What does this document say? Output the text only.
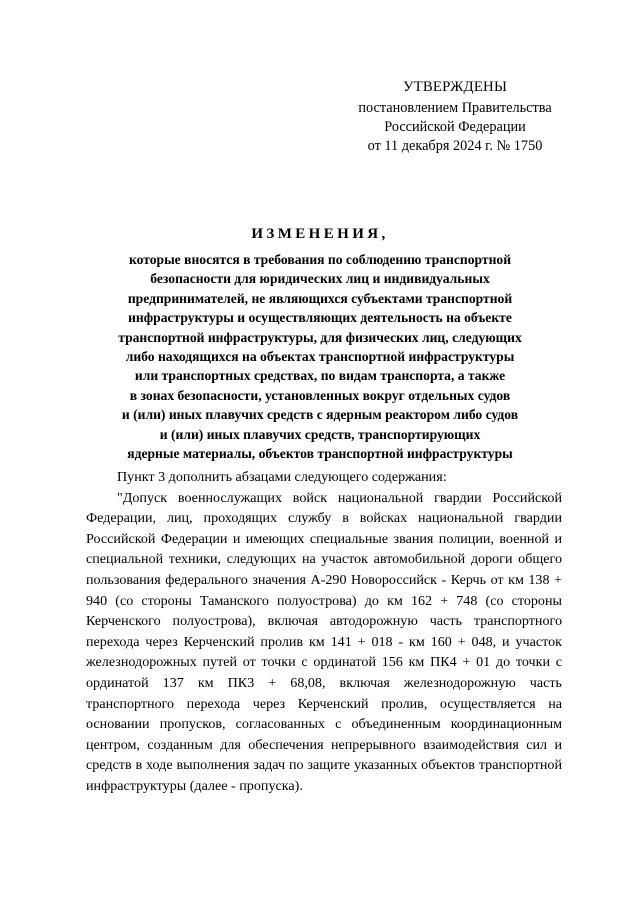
УТВЕРЖДЕНЫ
постановлением Правительства
Российской Федерации
от 11 декабря 2024 г. № 1750
ИЗМЕНЕНИЯ,
которые вносятся в требования по соблюдению транспортной
безопасности для юридических лиц и индивидуальных
предпринимателей, не являющихся субъектами транспортной
инфраструктуры и осуществляющих деятельность на объекте
транспортной инфраструктуры, для физических лиц, следующих
либо находящихся на объектах транспортной инфраструктуры
или транспортных средствах, по видам транспорта, а также
в зонах безопасности, установленных вокруг отдельных судов
и (или) иных плавучих средств с ядерным реактором либо судов
и (или) иных плавучих средств, транспортирующих
ядерные материалы, объектов транспортной инфраструктуры

Пункт 3 дополнить абзацами следующего содержания:

"Допуск военнослужащих войск национальной гвардии Российской Федерации, лиц, проходящих службу в войсках национальной гвардии Российской Федерации и имеющих специальные звания полиции, военной и специальной техники, следующих на участок автомобильной дороги общего пользования федерального значения А-290 Новороссийск - Керчь от км 138 + 940 (со стороны Таманского полуострова) до км 162 + 748 (со стороны Керченского полуострова), включая автодорожную часть транспортного перехода через Керченский пролив км 141 + 018 - км 160 + 048, и участок железнодорожных путей от точки с ординатой 156 км ПК4 + 01 до точки с ординатой 137 км ПК3 + 68,08, включая железнодорожную часть транспортного перехода через Керченский пролив, осуществляется на основании пропусков, согласованных с объединенным координационным центром, созданным для обеспечения непрерывного взаимодействия сил и средств в ходе выполнения задач по защите указанных объектов транспортной инфраструктуры (далее - пропуска).
